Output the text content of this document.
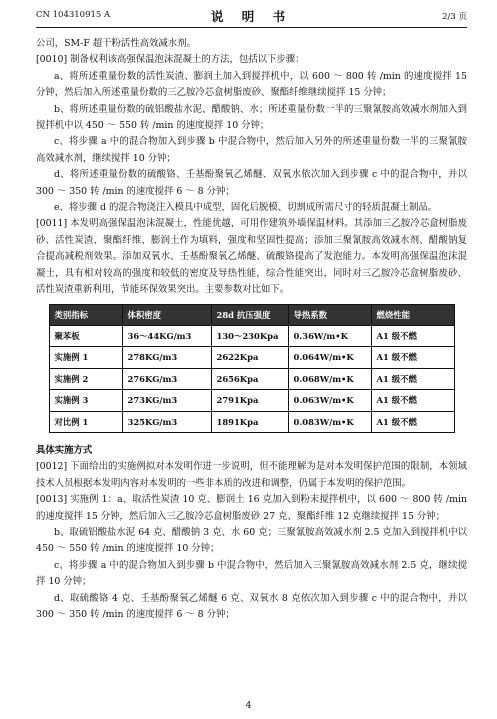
CN 104310915 A	说 明 书	2/3 页

公司，SM-F 超干粉活性高效减水剂。

[0010] 制备权利该高强保温泡沫混凝土的方法，包括以下步骤：

a、将所述重量份数的活性炭渣、膨润土加入到搅拌机中，以 600 ～ 800 转 /min 的速度搅拌 15 分钟，然后加入所述重量份数的三乙胺冷芯盒树脂废砂、聚酯纤维继续搅拌 15 分钟；

b、将所述重量份数的硫铝酸盐水泥、醋酸钠、水；所述重量份数一半的三聚氰胺高效减水剂加入到搅拌机中以 450 ～ 550 转 /min 的速度搅拌 10 分钟；

c、将步骤 a 中的混合物加入到步骤 b 中混合物中，然后加入另外的所述重量份数一半的三聚氰胺高效减水剂，继续搅拌 10 分钟；

d、将所述重量份数的硫酸铬、壬基酚聚氧乙烯醚、双氧水依次加入到步骤 c 中的混合物中，并以 300 ～ 350 转 /min 的速度搅拌 6 ～ 8 分钟；

e、将步骤 d 的混合物浇注入模具中成型，固化后脱模、切割成所需尺寸的轻质混凝土制品。

[0011] 本发明高强保温泡沫混凝土，性能优越，可用作建筑外墙保温材料。其添加三乙胺冷芯盒树脂废砂、活性炭渣、聚酯纤维、膨润土作为填料，强度和坚固性提高；添加三聚氰胺高效减水剂、醋酸钠复合提高减税剂效果。添加双氧水、壬基酚聚氧乙烯醚、硫酸铬提高了发泡能力。本发明高强保温泡沫混凝土，具有相对较高的强度和较低的密度及导热性能，综合性能突出，同时对三乙胺冷芯盒树脂废砂、活性炭渣重新利用，节能环保效果突出。主要参数对比如下。

类别指标	体积密度	28d 抗压强度	导热系数	燃烧性能
聚苯板	36～44KG/m3	130～230Kpa	0.36W/m•K	A1 级不燃
实施例 1	278KG/m3	2622Kpa	0.064W/m•K	A1 级不燃
实施例 2	276KG/m3	2656Kpa	0.068W/m•K	A1 级不燃
实施例 3	273KG/m3	2791Kpa	0.063W/m•K	A1 级不燃
对比例 1	325KG/m3	1891Kpa	0.083W/m•K	A1 级不燃

具体实施方式

[0012] 下面给出的实施例拟对本发明作进一步说明，但不能理解为是对本发明保护范围的限制，本领域技术人员根据本发明内容对本发明的一些非本质的改进和调整，仍属于本发明的保护范围。

[0013] 实施例 1：a、取活性炭渣 10 克、膨润土 16 克加入到粉末搅拌机中，以 600 ～ 800 转 /min 的速度搅拌 15 分钟，然后加入三乙胺冷芯盒树脂废砂 27 克、聚酯纤维 12 克继续搅拌 15 分钟；

b、取硫铝酸盐水泥 64 克、醋酸钠 3 克、水 60 克；三聚氰胺高效减水剂 2.5 克加入到搅拌机中以 450 ～ 550 转 /min 的速度搅拌 10 分钟；

c、将步骤 a 中的混合物加入到步骤 b 中混合物中，然后加入三聚氰胺高效减水剂 2.5 克，继续搅拌 10 分钟；

d、取硫酸铬 4 克、壬基酚聚氧乙烯醚 6 克、双氧水 8 克依次加入到步骤 c 中的混合物中，并以 300 ～ 350 转 /min 的速度搅拌 6 ～ 8 分钟；

4
